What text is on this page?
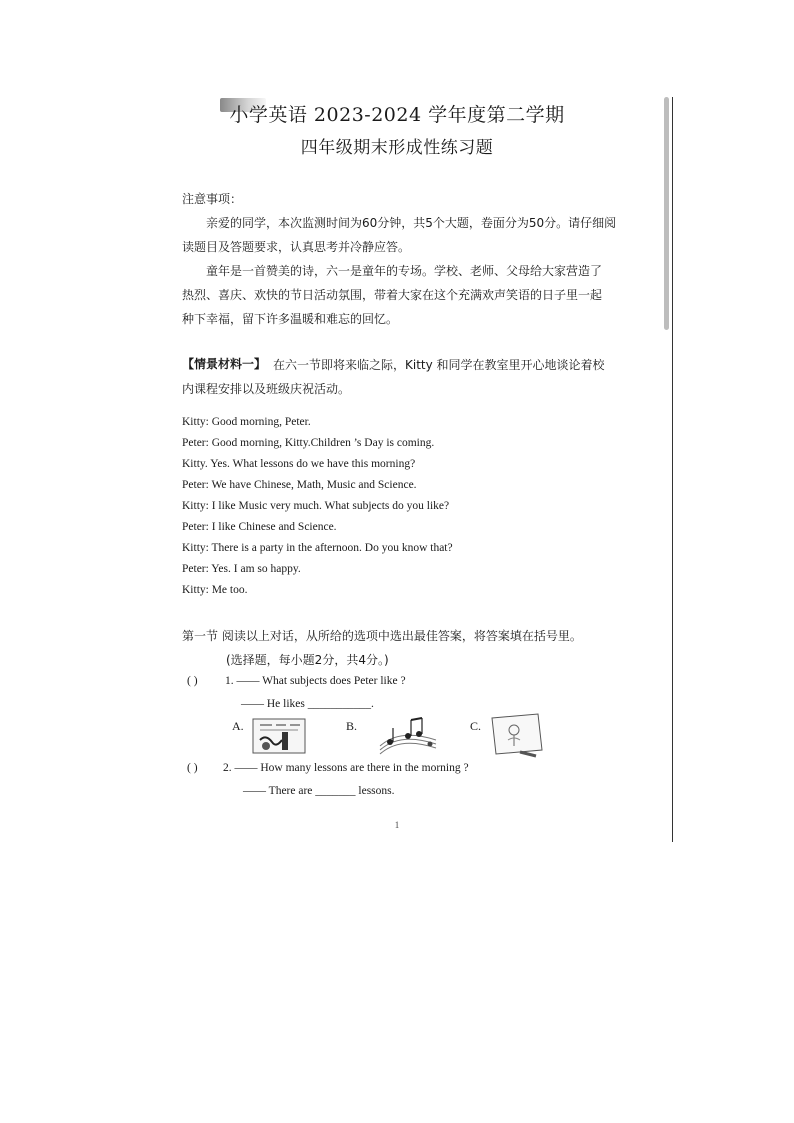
小学英语 2023-2024 学年度第二学期
四年级期末形成性练习题
注意事项：
亲爱的同学，本次监测时间为60分钟，共5个大题，卷面分为50分。请仔细阅
读题目及答题要求，认真思考并冷静应答。
童年是一首赞美的诗，六一是童年的专场。学校、老师、父母给大家营造了
热烈、喜庆、欢快的节日活动氛围，带着大家在这个充满欢声笑语的日子里一起
种下幸福，留下许多温暖和难忘的回忆。
【情景材料一】 在六一节即将来临之际，Kitty 和同学在教室里开心地谈论着校
内课程安排以及班级庆祝活动。
Kitty: Good morning, Peter.
Peter: Good morning, Kitty.Children ’s Day is coming.
Kitty. Yes. What lessons do we have this morning?
Peter: We have Chinese, Math, Music and Science.
Kitty: I like Music very much. What subjects do you like?
Peter: I like Chinese and Science.
Kitty: There is a party in the afternoon. Do you know that?
Peter: Yes. I am so happy.
Kitty: Me too.
第一节 阅读以上对话，从所给的选项中选出最佳答案，将答案填在括号里。
(选择题，每小题2分，共4分。)
( ) 1. —— What subjects does Peter like ?
—— He likes ___________.
A.	B.	C.
( ) 2. —— How many lessons are there in the morning ?
—— There are _______ lessons.
1
